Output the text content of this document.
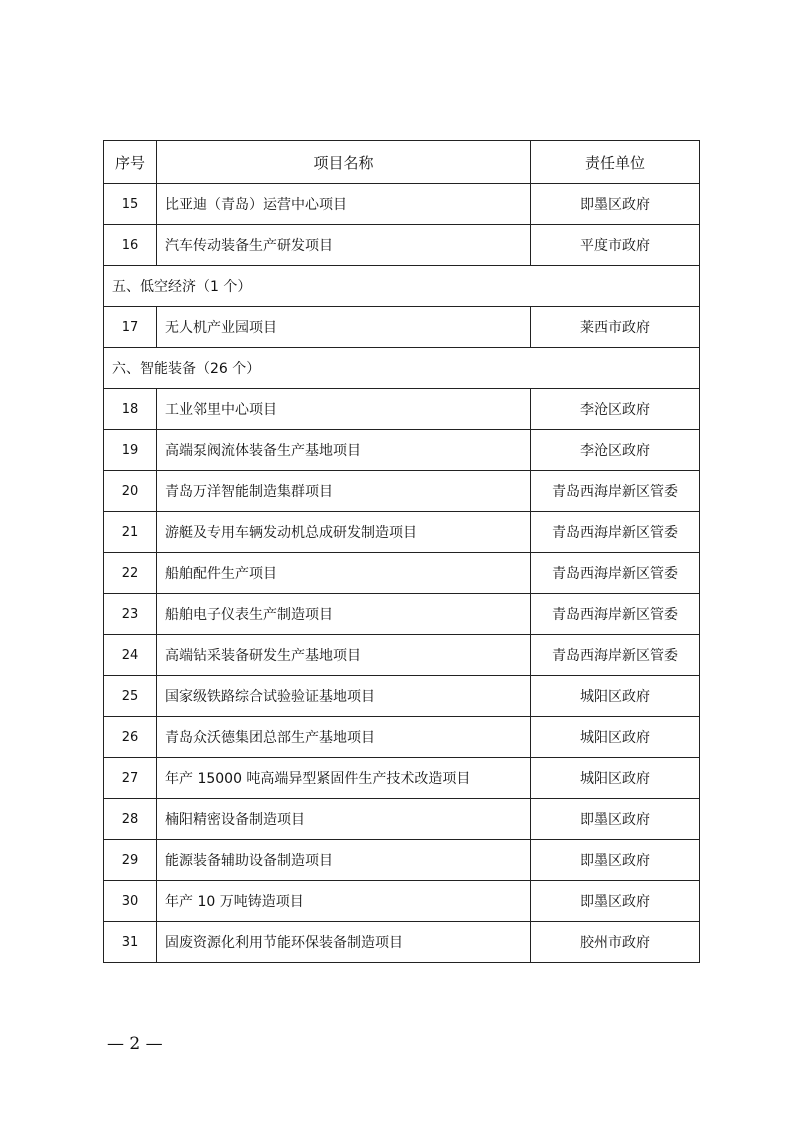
序号	项目名称	责任单位
15	比亚迪（青岛）运营中心项目	即墨区政府
16	汽车传动装备生产研发项目	平度市政府
五、低空经济（1 个）		
17	无人机产业园项目	莱西市政府
六、智能装备（26 个）		
18	工业邻里中心项目	李沧区政府
19	高端泵阀流体装备生产基地项目	李沧区政府
20	青岛万洋智能制造集群项目	青岛西海岸新区管委
21	游艇及专用车辆发动机总成研发制造项目	青岛西海岸新区管委
22	船舶配件生产项目	青岛西海岸新区管委
23	船舶电子仪表生产制造项目	青岛西海岸新区管委
24	高端钻采装备研发生产基地项目	青岛西海岸新区管委
25	国家级铁路综合试验验证基地项目	城阳区政府
26	青岛众沃德集团总部生产基地项目	城阳区政府
27	年产 15000 吨高端异型紧固件生产技术改造项目	城阳区政府
28	楠阳精密设备制造项目	即墨区政府
29	能源装备辅助设备制造项目	即墨区政府
30	年产 10 万吨铸造项目	即墨区政府
31	固废资源化利用节能环保装备制造项目	胶州市政府
— 2 —
